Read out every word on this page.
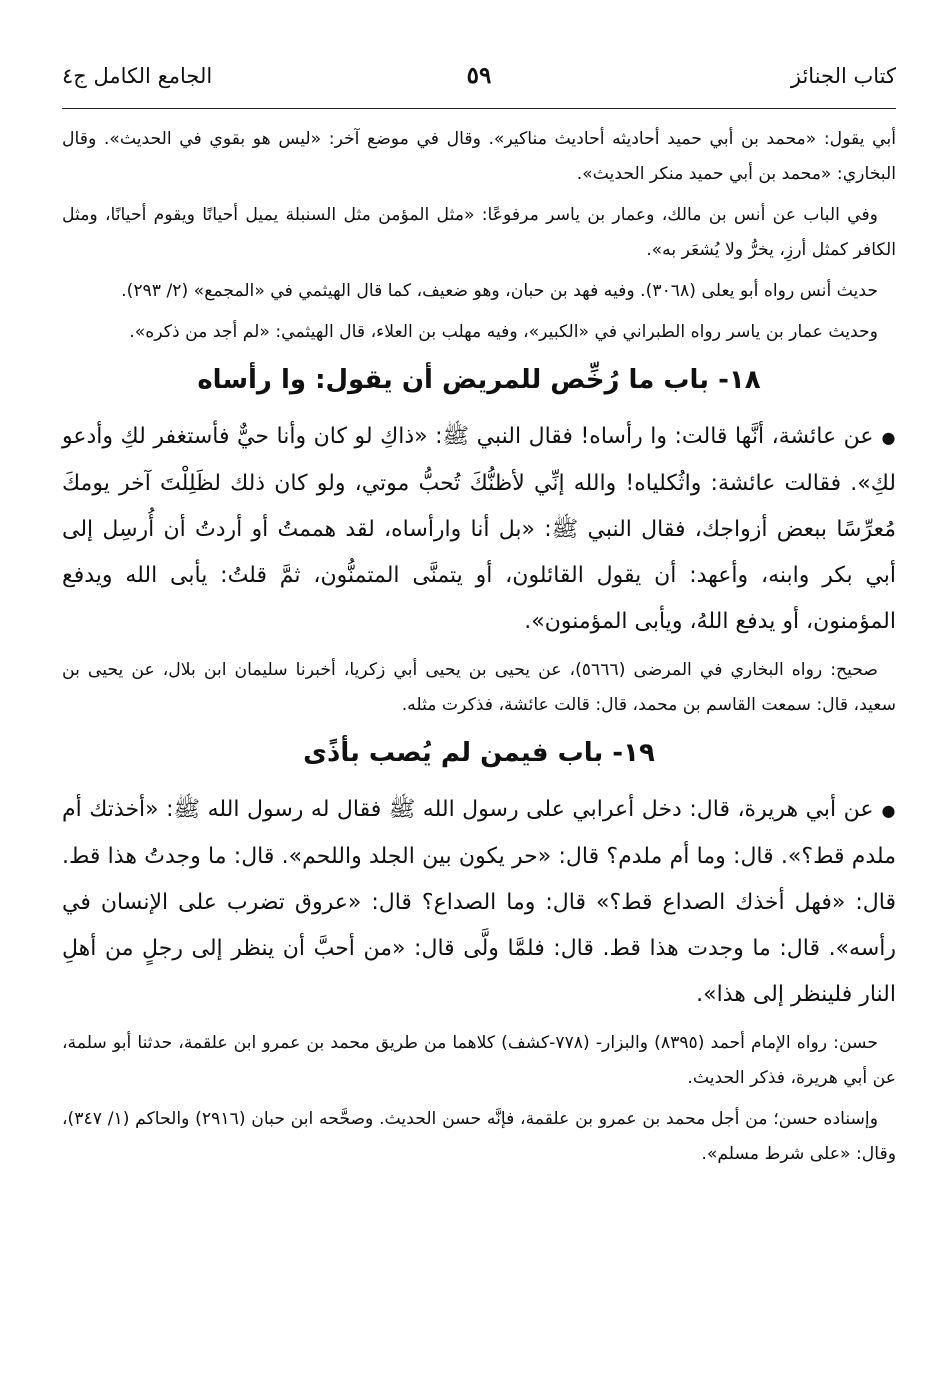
كتاب الجنائز
٥٩
الجامع الكامل ج٤

أبي يقول: «محمد بن أبي حميد أحاديثه أحاديث مناكير». وقال في موضع آخر: «ليس هو بقوي في الحديث». وقال البخاري: «محمد بن أبي حميد منكر الحديث».

وفي الباب عن أنس بن مالك، وعمار بن ياسر مرفوعًا: «مثل المؤمن مثل السنبلة يميل أحيانًا ويقوم أحيانًا، ومثل الكافر كمثل أرزِ، يخرُّ ولا يُشعَر به».

حديث أنس رواه أبو يعلى (٣٠٦٨). وفيه فهد بن حبان، وهو ضعيف، كما قال الهيثمي في «المجمع» (٢/ ٢٩٣).

وحديث عمار بن ياسر رواه الطبراني في «الكبير»، وفيه مهلب بن العلاء، قال الهيثمي: «لم أجد من ذكره».

١٨- باب ما رُخِّص للمريض أن يقول: وا رأساه

●عن عائشة، أنَّها قالت: وا رأساه! فقال النبي ﷺ: «ذاكِ لو كان وأنا حيٌّ فأستغفر لكِ وأدعو لكِ». فقالت عائشة: واثُكلياه! والله إنِّي لأظنُّكَ تُحبُّ موتي، ولو كان ذلك لظَلِلْتَ آخر يومكَ مُعرِّسًا ببعض أزواجك، فقال النبي ﷺ: «بل أنا وارأساه، لقد هممتُ أو أردتُ أن أُرسِل إلى أبي بكر وابنه، وأعهد: أن يقول القائلون، أو يتمنَّى المتمنُّون، ثمَّ قلتُ: يأبى الله ويدفع المؤمنون، أو يدفع اللهُ، ويأبى المؤمنون».

صحيح: رواه البخاري في المرضى (٥٦٦٦)، عن يحيى بن يحيى أبي زكريا، أخبرنا سليمان ابن بلال، عن يحيى بن سعيد، قال: سمعت القاسم بن محمد، قال: قالت عائشة، فذكرت مثله.

١٩- باب فيمن لم يُصب بأذًى

●عن أبي هريرة، قال: دخل أعرابي على رسول الله ﷺ فقال له رسول الله ﷺ: «أخذتك أم ملدم قط؟». قال: وما أم ملدم؟ قال: «حر يكون بين الجلد واللحم». قال: ما وجدتُ هذا قط. قال: «فهل أخذك الصداع قط؟» قال: وما الصداع؟ قال: «عروق تضرب على الإنسان في رأسه». قال: ما وجدت هذا قط. قال: فلمَّا ولَّى قال: «من أحبَّ أن ينظر إلى رجلٍ من أهلِ النار فلينظر إلى هذا».

حسن: رواه الإمام أحمد (٨٣٩٥) والبزار- (٧٧٨-كشف) كلاهما من طريق محمد بن عمرو ابن علقمة، حدثنا أبو سلمة، عن أبي هريرة، فذكر الحديث.

وإسناده حسن؛ من أجل محمد بن عمرو بن علقمة، فإنَّه حسن الحديث. وصحَّحه ابن حبان (٢٩١٦) والحاكم (١/ ٣٤٧)، وقال: «على شرط مسلم».
